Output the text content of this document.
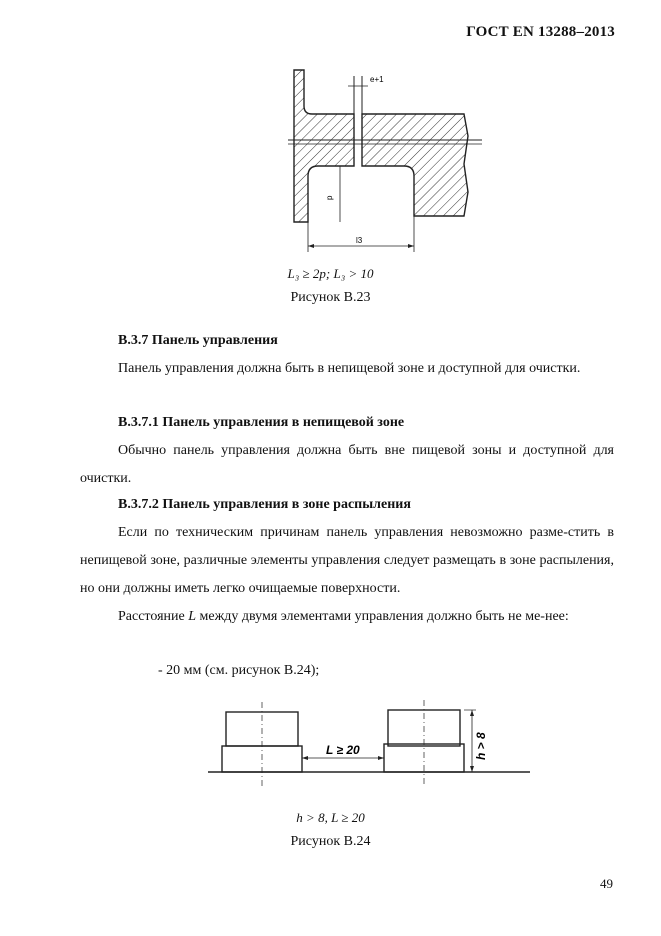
ГОСТ EN 13288–2013
e+1
p
l3
L₃ ≥ 2p; L₃ > 10
Рисунок В.23
В.3.7 Панель управления
Панель управления должна быть в непищевой зоне и доступной для очистки.
В.3.7.1 Панель управления в непищевой зоне
Обычно панель управления должна быть вне пищевой зоны и доступной для очистки.
В.3.7.2 Панель управления в зоне распыления
Если по техническим причинам панель управления невозможно разме-стить в непищевой зоне, различные элементы управления следует размещать в зоне распыления, но они должны иметь легко очищаемые поверхности.
Расстояние L между двумя элементами управления должно быть не ме-нее:
- 20 мм (см. рисунок В.24);
L ≥ 20	h > 8
h > 8, L ≥ 20
Рисунок В.24
49
